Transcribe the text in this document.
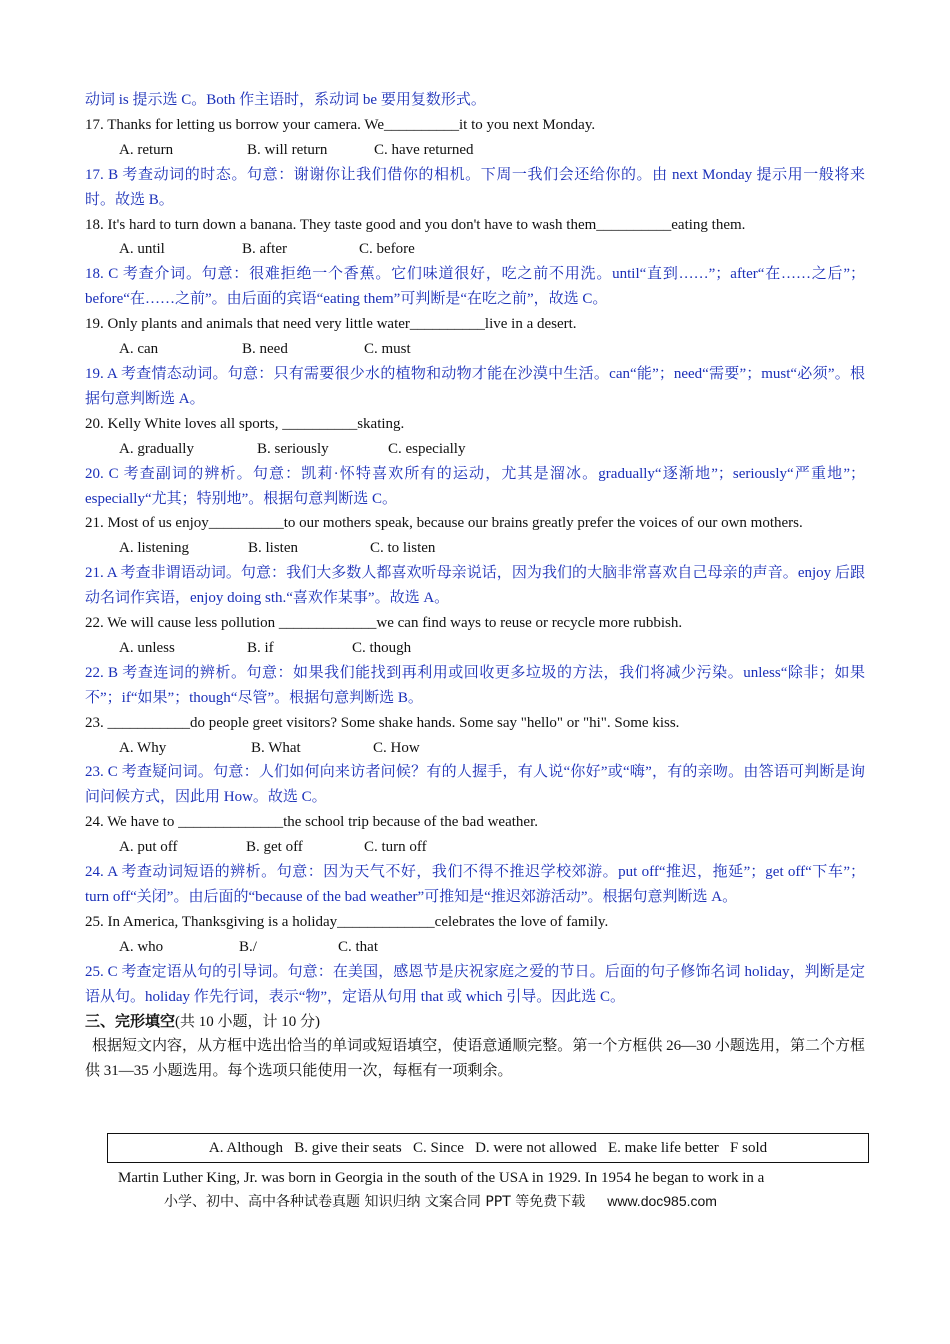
动词 is 提示选 C。Both 作主语时，系动词 be 要用复数形式。
17. Thanks for letting us borrow your camera. We__________it to you next Monday.
A. return	B. will return	C. have returned
17. B 考查动词的时态。句意：谢谢你让我们借你的相机。下周一我们会还给你的。由 next Monday 提示用一般将来时。故选 B。
18. It's hard to turn down a banana. They taste good and you don't have to wash them__________eating them.
A. until	B. after	C. before
18. C 考查介词。句意：很难拒绝一个香蕉。它们味道很好，吃之前不用洗。until“直到……”；after“在……之后”；before“在……之前”。由后面的宾语“eating them”可判断是“在吃之前”，故选 C。
19. Only plants and animals that need very little water__________live in a desert.
A. can	B. need	C. must
19. A 考查情态动词。句意：只有需要很少水的植物和动物才能在沙漠中生活。can“能”；need“需要”；must“必须”。根据句意判断选 A。
20. Kelly White loves all sports, __________skating.
A. gradually	B. seriously	C. especially
20. C 考查副词的辨析。句意：凯莉·怀特喜欢所有的运动，尤其是溜冰。gradually“逐渐地”；seriously“严重地”；especially“尤其；特别地”。根据句意判断选 C。
21. Most of us enjoy__________to our mothers speak, because our brains greatly prefer the voices of our own mothers.
A. listening	B. listen	C. to listen
21. A 考查非谓语动词。句意：我们大多数人都喜欢听母亲说话，因为我们的大脑非常喜欢自己母亲的声音。enjoy 后跟动名词作宾语，enjoy doing sth.“喜欢作某事”。故选 A。
22. We will cause less pollution _____________we can find ways to reuse or recycle more rubbish.
A. unless	B. if	C. though
22. B 考查连词的辨析。句意：如果我们能找到再利用或回收更多垃圾的方法，我们将减少污染。unless“除非；如果不”；if“如果”；though“尽管”。根据句意判断选 B。
23. ___________do people greet visitors? Some shake hands. Some say "hello" or "hi". Some kiss.
A. Why	B. What	C. How
23. C 考查疑问词。句意：人们如何向来访者问候？有的人握手，有人说“你好”或“嗨”，有的亲吻。由答语可判断是询问问候方式，因此用 How。故选 C。
24. We have to ______________the school trip because of the bad weather.
A. put off	B. get off	C. turn off
24. A 考查动词短语的辨析。句意：因为天气不好，我们不得不推迟学校郊游。put off“推迟，拖延”；get off“下车”；turn off“关闭”。由后面的“because of the bad weather”可推知是“推迟郊游活动”。根据句意判断选 A。
25. In America, Thanksgiving is a holiday_____________celebrates the love of family.
A. who	B./	C. that
25. C 考查定语从句的引导词。句意：在美国，感恩节是庆祝家庭之爱的节日。后面的句子修饰名词 holiday，判断是定语从句。holiday 作先行词，表示“物”，定语从句用 that 或 which 引导。因此选 C。
三、完形填空(共 10 小题，计 10 分)
根据短文内容，从方框中选出恰当的单词或短语填空，使语意通顺完整。第一个方框供 26—30 小题选用，第二个方框供 31—35 小题选用。每个选项只能使用一次，每框有一项剩余。
A. Although   B. give their seats   C. Since   D. were not allowed   E. make life better   F sold
Martin Luther King, Jr. was born in Georgia in the south of the USA in 1929. In 1954 he began to work in a
小学、初中、高中各种试卷真题 知识归纳 文案合同 PPT 等免费下载 www.doc985.com
